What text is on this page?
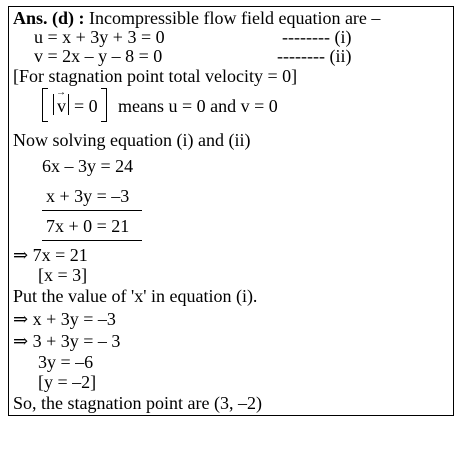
Ans. (d) : Incompressible flow field equation are –
u = x + 3y + 3 = 0	-------- (i)
v = 2x – y – 8 = 0	-------- (ii)
[For stagnation point total velocity = 0]
→
v = 0 means u = 0 and v = 0
Now solving equation (i) and (ii)
6x – 3y = 24
x + 3y = –3
7x + 0 = 21
⇒ 7x = 21
[x = 3]
Put the value of 'x' in equation (i).
⇒ x + 3y = –3
⇒ 3 + 3y = – 3
3y = –6
[y = –2]
So, the stagnation point are (3, –2)
